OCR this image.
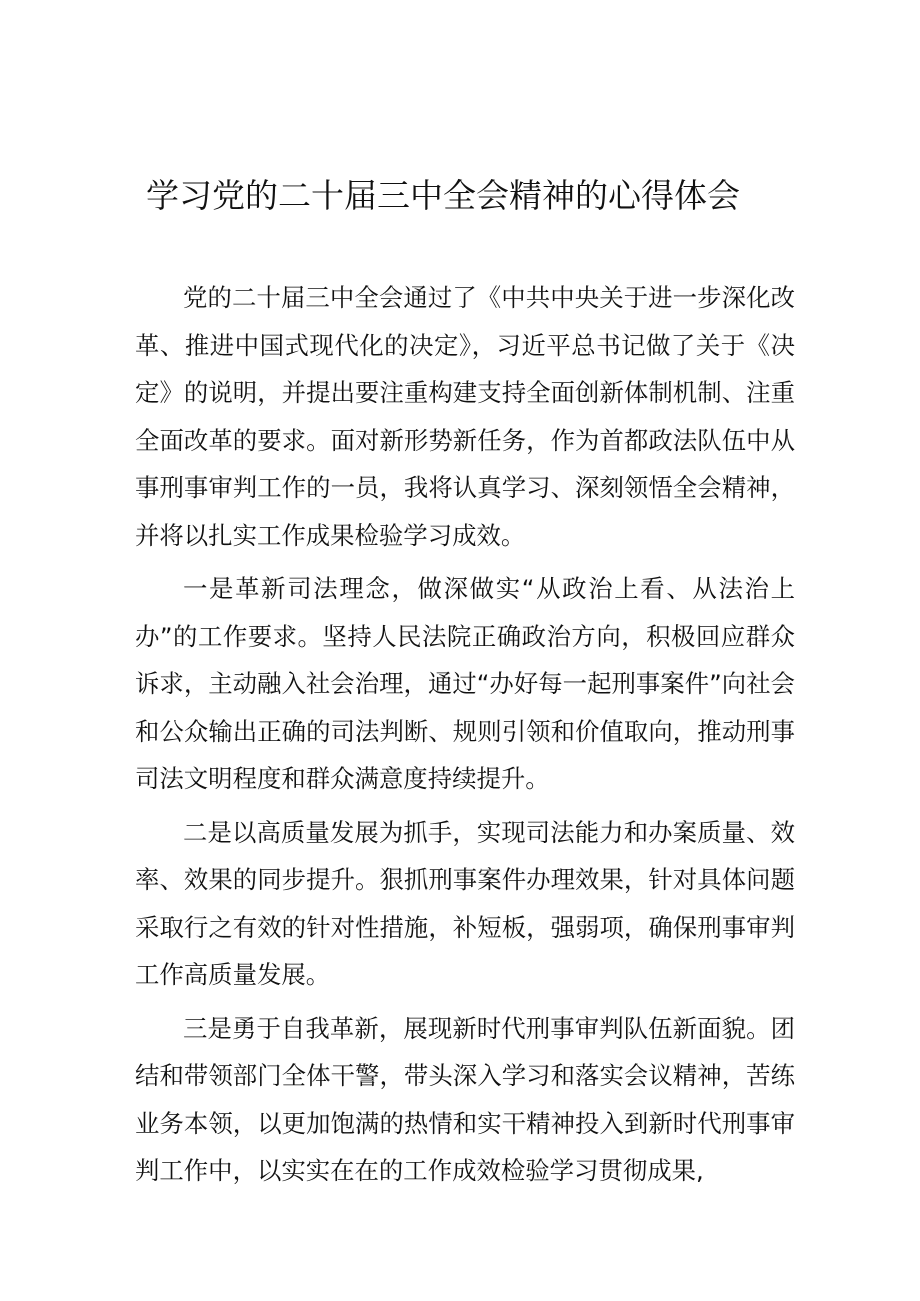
学习党的二十届三中全会精神的心得体会

党的二十届三中全会通过了《中共中央关于进一步深化改革、推进中国式现代化的决定》，习近平总书记做了关于《决定》的说明，并提出要注重构建支持全面创新体制机制、注重全面改革的要求。面对新形势新任务，作为首都政法队伍中从事刑事审判工作的一员，我将认真学习、深刻领悟全会精神，并将以扎实工作成果检验学习成效。

一是革新司法理念，做深做实“从政治上看、从法治上办”的工作要求。坚持人民法院正确政治方向，积极回应群众诉求，主动融入社会治理，通过“办好每一起刑事案件”向社会和公众输出正确的司法判断、规则引领和价值取向，推动刑事司法文明程度和群众满意度持续提升。

二是以高质量发展为抓手，实现司法能力和办案质量、效率、效果的同步提升。狠抓刑事案件办理效果，针对具体问题采取行之有效的针对性措施，补短板，强弱项，确保刑事审判工作高质量发展。

三是勇于自我革新，展现新时代刑事审判队伍新面貌。团结和带领部门全体干警，带头深入学习和落实会议精神，苦练业务本领，以更加饱满的热情和实干精神投入到新时代刑事审判工作中，以实实在在的工作成效检验学习贯彻成果,
